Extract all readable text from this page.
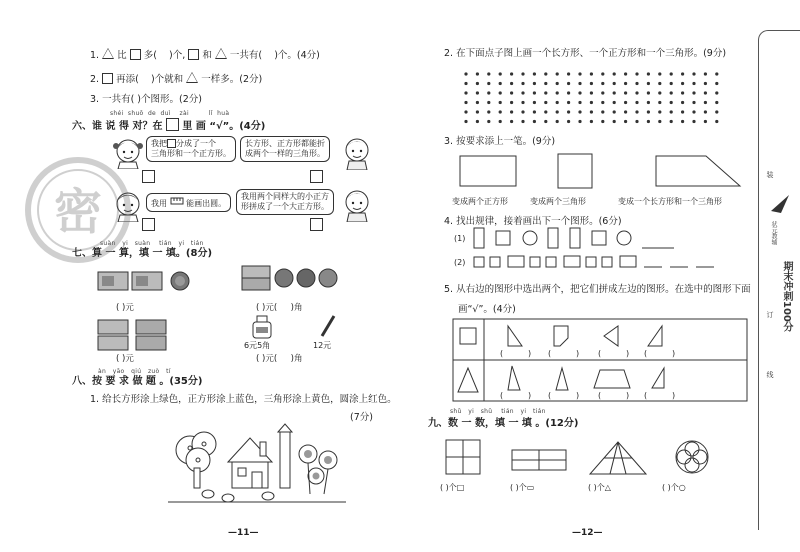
1. 比 多( )个, 和 一共有( )个。(4分)
2. 再添( )个就和 一样多。(2分)
3. 一共有( )个图形。(2分)
shéi shuō de duì zài	lǐ huà
六、谁 说 得 对？在 里 画 “√”。(4分)
我把 分成了一个
三角形和一个正方形。
长方形、正方形都能折
成两个一样的三角形。
我用 能画出圆。
我用两个同样大的小正方
形拼成了一个大正方形。
suàn yi suàn tián yi tián
七、算 一 算，填 一 填。(8分)
( )元	( )元( )角
( )元
6元5角	12元
( )元( )角
àn yāo qiú zuò tí
八、按 要 求 做 题 。(35分)
1. 给长方形涂上绿色，正方形涂上蓝色，三角形涂上黄色，圆涂上红色。
(7分)
—11—
密
2. 在下面点子图上画一个长方形、一个正方形和一个三角形。(9分)
3. 按要求添上一笔。(9分)
变成两个正方形	变成两个三角形	变成一个长方形和一个三角形
4. 找出规律，接着画出下一个图形。(6分)
(1)
(2)
5. 从右边的图形中选出两个，把它们拼成左边的图形。在选中的图形下面
画“√”。(4分)
(	) (	) (	) (	)
(	) (	) (	) (	)
shǔ yi shǔ tián yi tián
九、数 一 数，填 一 填 。(12分)
( )个□	( )个▭	( )个△	( )个○
—12—
状元教辅
期末冲刺100分
装
订
线
